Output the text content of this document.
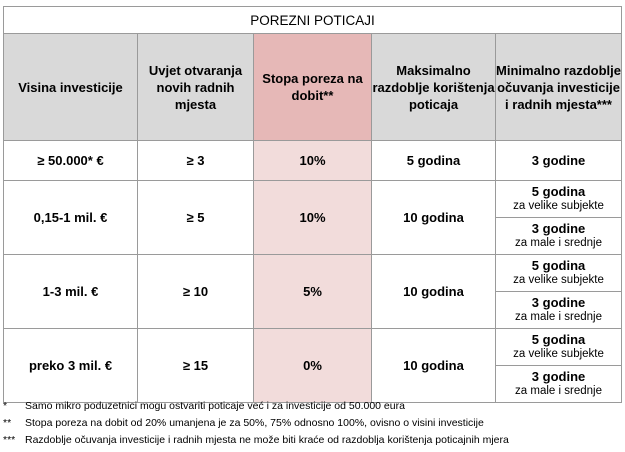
POREZNI POTICAJI				
Visina investicije	Uvjet otvaranja novih radnih mjesta	Stopa poreza na dobit**	Maksimalno razdoblje korištenja poticaja	Minimalno razdoblje očuvanja investicije i radnih mjesta***
≥ 50.000* €	≥ 3	10%	5 godina	3 godine
0,15-1 mil. €	≥ 5	10%	10 godina	5 godina
za velike subjekte

				3 godine
za male i srednje

1-3 mil. €	≥ 10	5%	10 godina	5 godina
za velike subjekte

				3 godine
za male i srednje

preko 3 mil. €	≥ 15	0%	10 godina	5 godina
za velike subjekte

				3 godine
za male i srednje
* Samo mikro poduzetnici mogu ostvariti poticaje već i za investicije od 50.000 eura
** Stopa poreza na dobit od 20% umanjena je za 50%, 75% odnosno 100%, ovisno o visini investicije
*** Razdoblje očuvanja investicije i radnih mjesta ne može biti kraće od razdoblja korištenja poticajnih mjera
